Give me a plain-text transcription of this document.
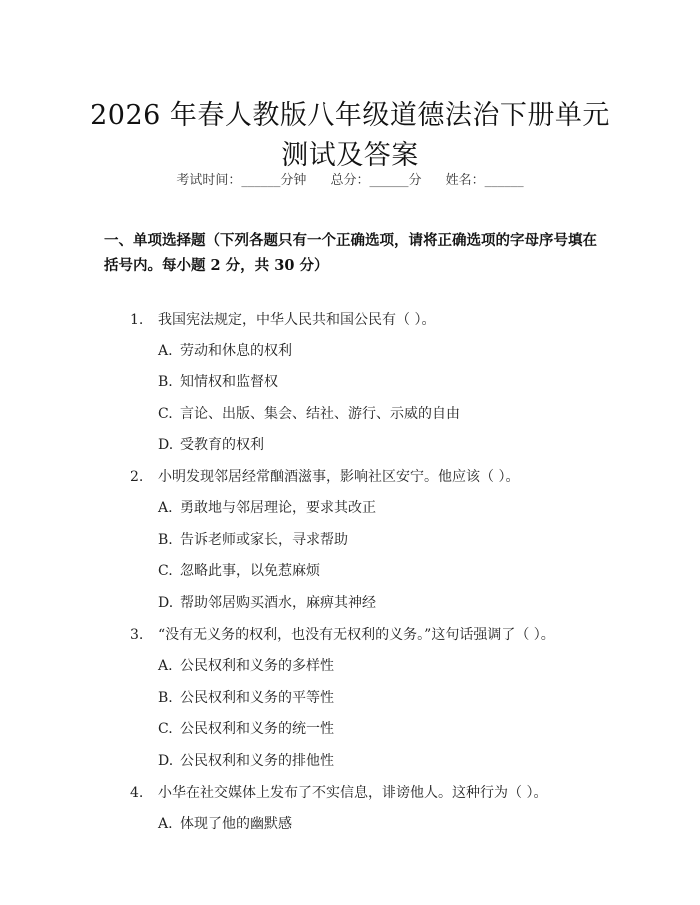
2026 年春人教版八年级道德法治下册单元测试及答案
考试时间：______分钟 总分：______分 姓名：______
一、单项选择题（下列各题只有一个正确选项，请将正确选项的字母序号填在括号内。每小题 2 分，共 30 分）
1. 我国宪法规定，中华人民共和国公民有（ ）。
A. 劳动和休息的权利
B. 知情权和监督权
C. 言论、出版、集会、结社、游行、示威的自由
D. 受教育的权利
2. 小明发现邻居经常酗酒滋事，影响社区安宁。他应该（ ）。
A. 勇敢地与邻居理论，要求其改正
B. 告诉老师或家长，寻求帮助
C. 忽略此事，以免惹麻烦
D. 帮助邻居购买酒水，麻痹其神经
3. “没有无义务的权利，也没有无权利的义务。”这句话强调了（ ）。
A. 公民权利和义务的多样性
B. 公民权利和义务的平等性
C. 公民权利和义务的统一性
D. 公民权利和义务的排他性
4. 小华在社交媒体上发布了不实信息，诽谤他人。这种行为（ ）。
A. 体现了他的幽默感
